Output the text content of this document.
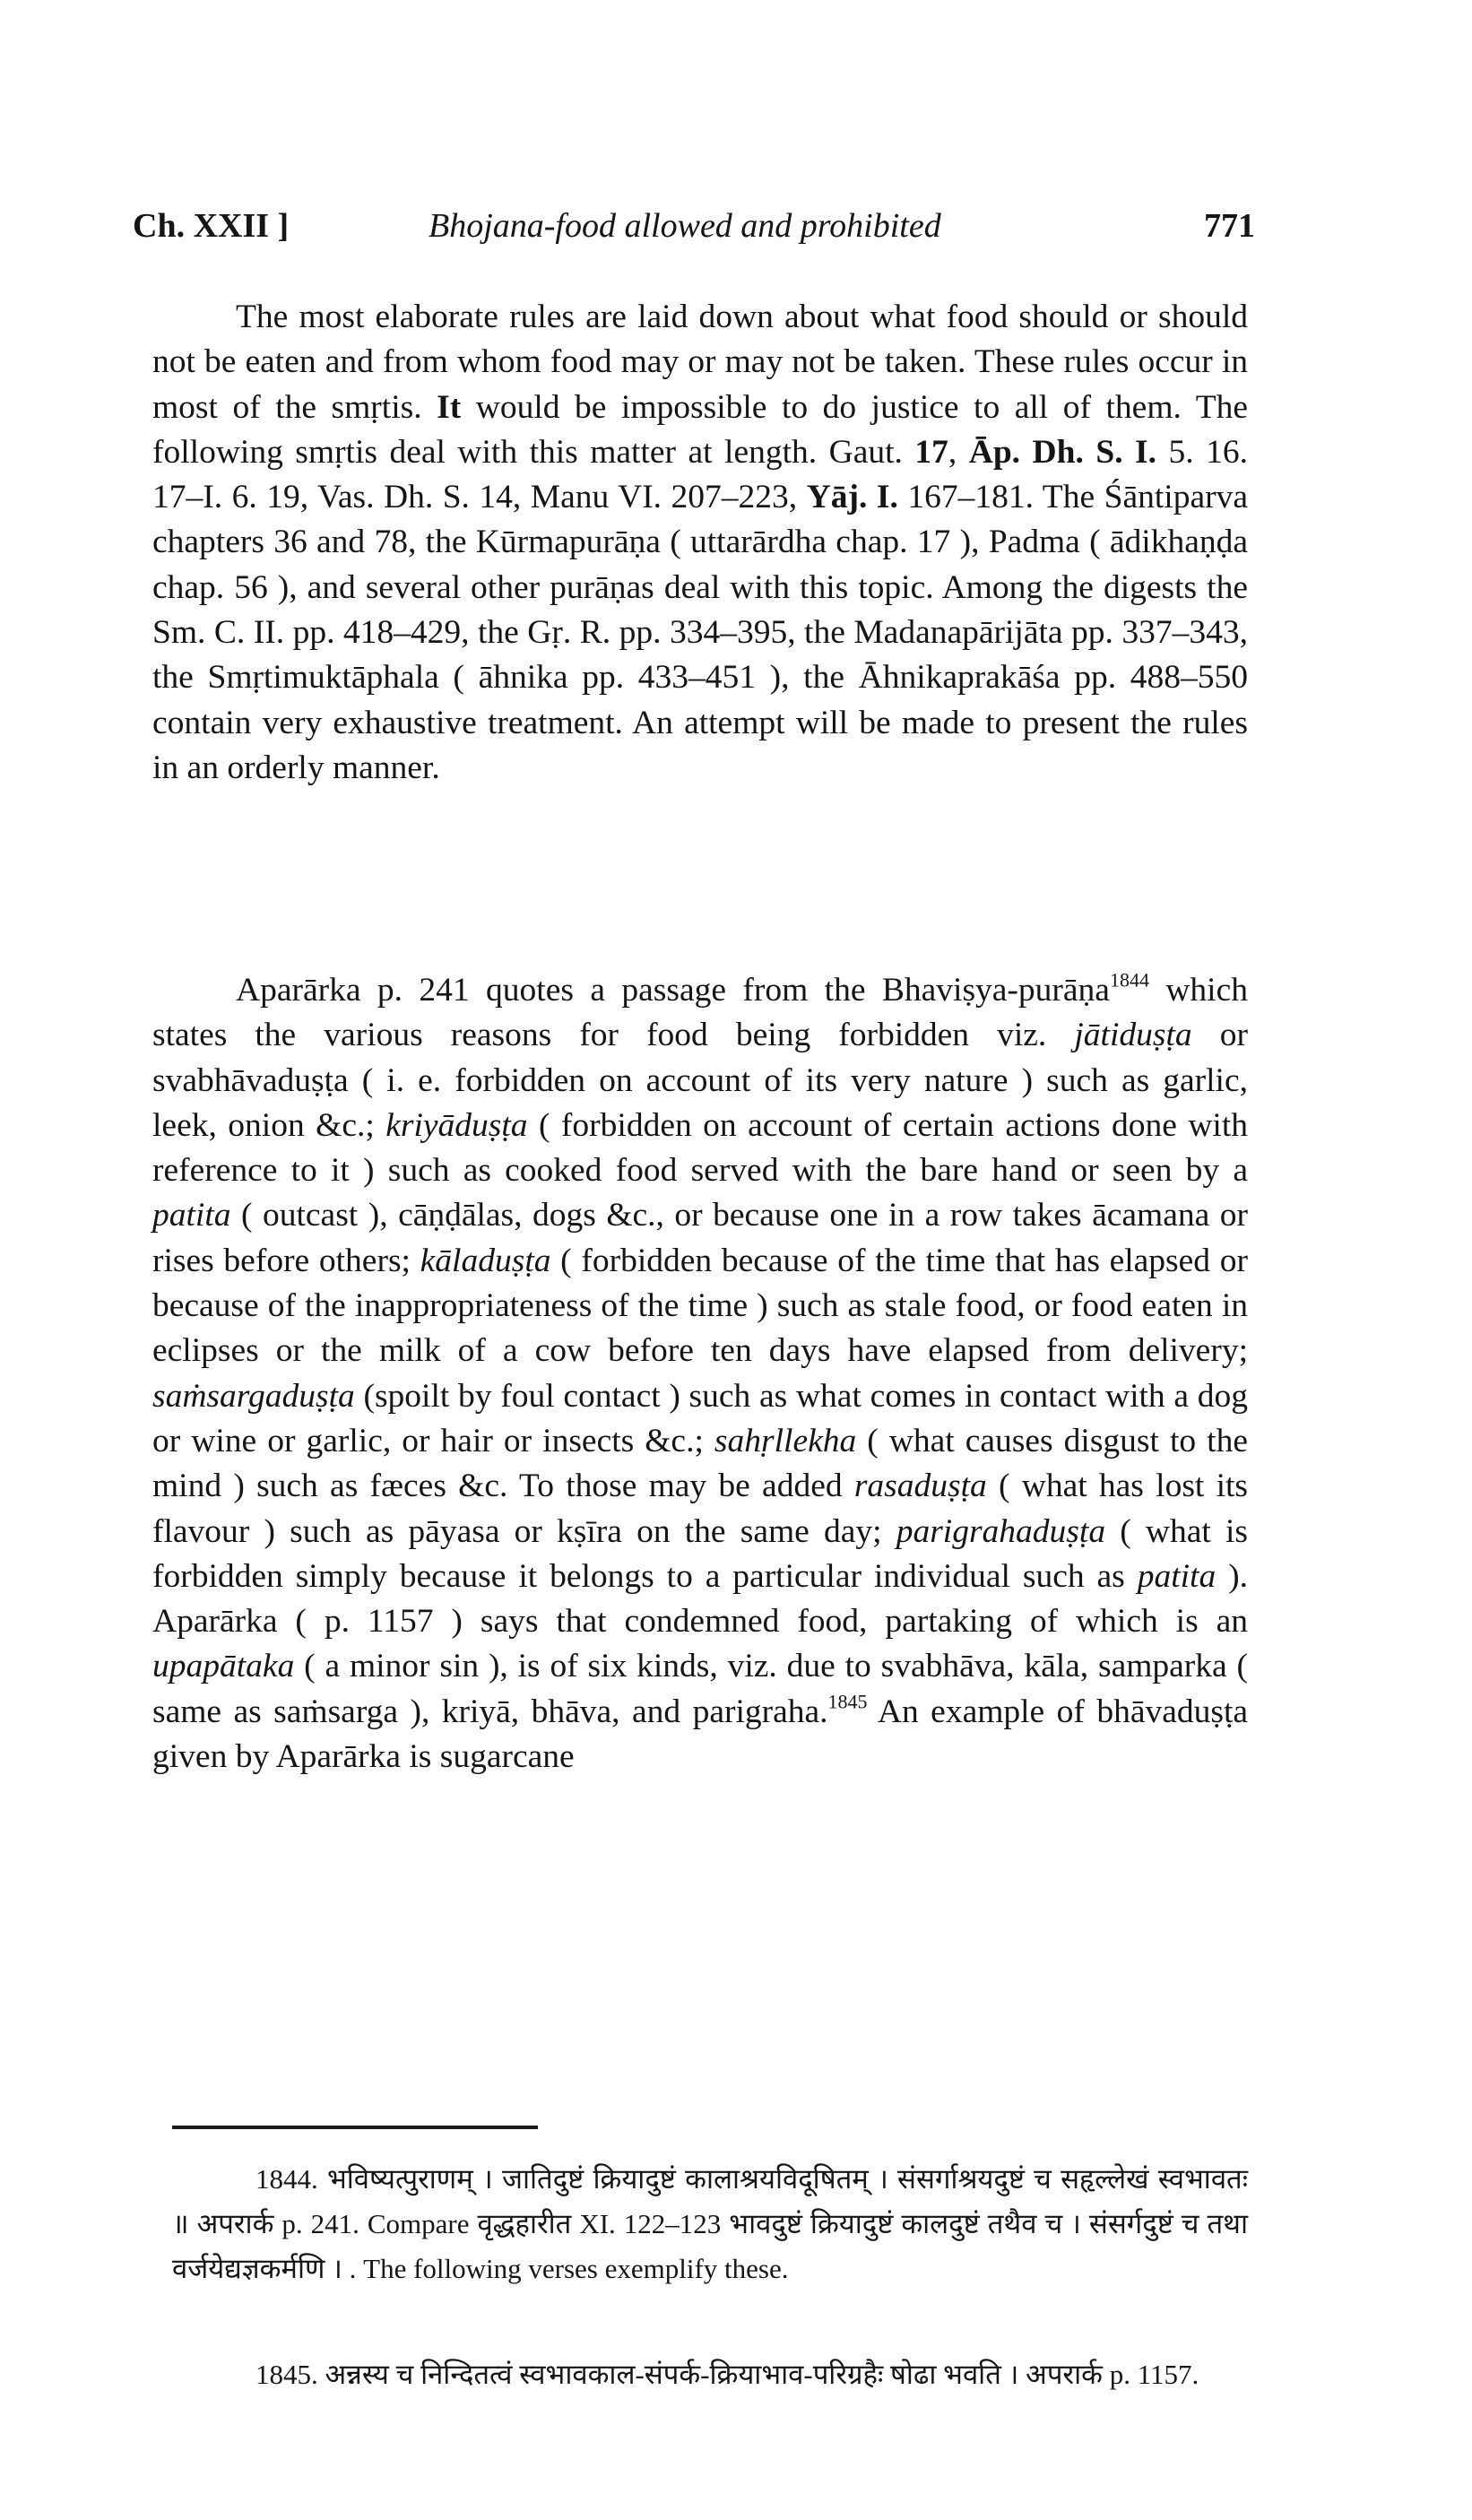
Ch. XXII ]	Bhojana-food allowed and prohibited	771

The most elaborate rules are laid down about what food should or should not be eaten and from whom food may or may not be taken. These rules occur in most of the smṛtis. It would be impossible to do justice to all of them. The following smṛtis deal with this matter at length. Gaut. 17, Āp. Dh. S. I. 5. 16. 17–I. 6. 19, Vas. Dh. S. 14, Manu VI. 207–223, Yāj. I. 167–181. The Śāntiparva chapters 36 and 78, the Kūrmapurāṇa ( uttarārdha chap. 17 ), Padma ( ādikhaṇḍa chap. 56 ), and several other purāṇas deal with this topic. Among the digests the Sm. C. II. pp. 418–429, the Gṛ. R. pp. 334–395, the Madanapārijāta pp. 337–343, the Smṛtimuktāphala ( āhnika pp. 433–451 ), the Āhnikaprakāśa pp. 488–550 contain very exhaustive treatment. An attempt will be made to present the rules in an orderly manner.

Aparārka p. 241 quotes a passage from the Bhaviṣya-purāṇa$^{1844}$ which states the various reasons for food being forbidden viz. jātiduṣṭa or svabhāvaduṣṭa ( i. e. forbidden on account of its very nature ) such as garlic, leek, onion &c.; kriyāduṣṭa ( forbidden on account of certain actions done with reference to it ) such as cooked food served with the bare hand or seen by a patita ( outcast ), cāṇḍālas, dogs &c., or because one in a row takes ācamana or rises before others; kāladuṣṭa ( forbidden because of the time that has elapsed or because of the inappropriateness of the time ) such as stale food, or food eaten in eclipses or the milk of a cow before ten days have elapsed from delivery; saṁsargaduṣṭa (spoilt by foul contact ) such as what comes in contact with a dog or wine or garlic, or hair or insects &c.; sahṛllekha ( what causes disgust to the mind ) such as fæces &c. To those may be added rasaduṣṭa ( what has lost its flavour ) such as pāyasa or kṣīra on the same day; parigrahaduṣṭa ( what is forbidden simply because it belongs to a particular individual such as patita ). Aparārka ( p. 1157 ) says that condemned food, partaking of which is an upapātaka ( a minor sin ), is of six kinds, viz. due to svabhāva, kāla, samparka ( same as saṁsarga ), kriyā, bhāva, and parigraha.$^{1845}$ An example of bhāvaduṣṭa given by Aparārka is sugarcane

1844. भविष्यत्पुराणम् । जातिदुष्टं क्रियादुष्टं कालाश्रयविदूषितम् । संसर्गाश्रयदुष्टं च सहृल्लेखं स्वभावतः ॥ अपरार्क p. 241. Compare वृद्धहारीत XI. 122–123 भावदुष्टं क्रियादुष्टं कालदुष्टं तथैव च । संसर्गदुष्टं च तथा वर्जयेद्यज्ञकर्मणि । . The following verses exemplify these.

1845. अन्नस्य च निन्दितत्वं स्वभावकाल-संपर्क-क्रियाभाव-परिग्रहैः षोढा भवति । अपरार्क p. 1157.
